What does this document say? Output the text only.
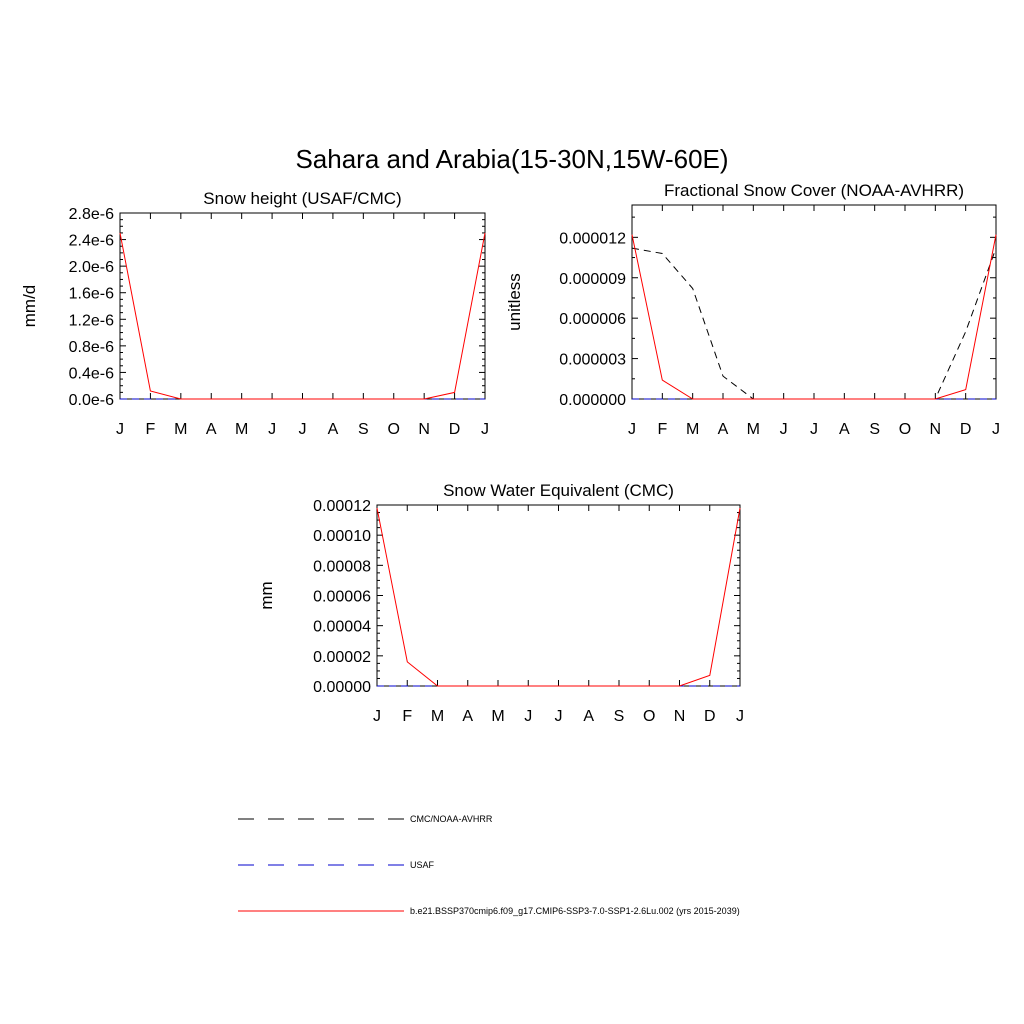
Sahara and Arabia(15-30N,15W-60E)
Snow height (USAF/CMC)
mm/d
J F M A M J J A S O N D J
0.0e-6
0.4e-6
0.8e-6
1.2e-6
1.6e-6
2.0e-6
2.4e-6
2.8e-6
Fractional Snow Cover (NOAA-AVHRR)
unitless
J F M A M J J A S O N D J
0.000000
0.000003
0.000006
0.000009
0.000012
Snow Water Equivalent (CMC)
mm
J F M A M J J A S O N D J
0.00000
0.00002
0.00004
0.00006
0.00008
0.00010
0.00012
CMC/NOAA-AVHRR
USAF
b.e21.BSSP370cmip6.f09_g17.CMIP6-SSP3-7.0-SSP1-2.6Lu.002 (yrs 2015-2039)
